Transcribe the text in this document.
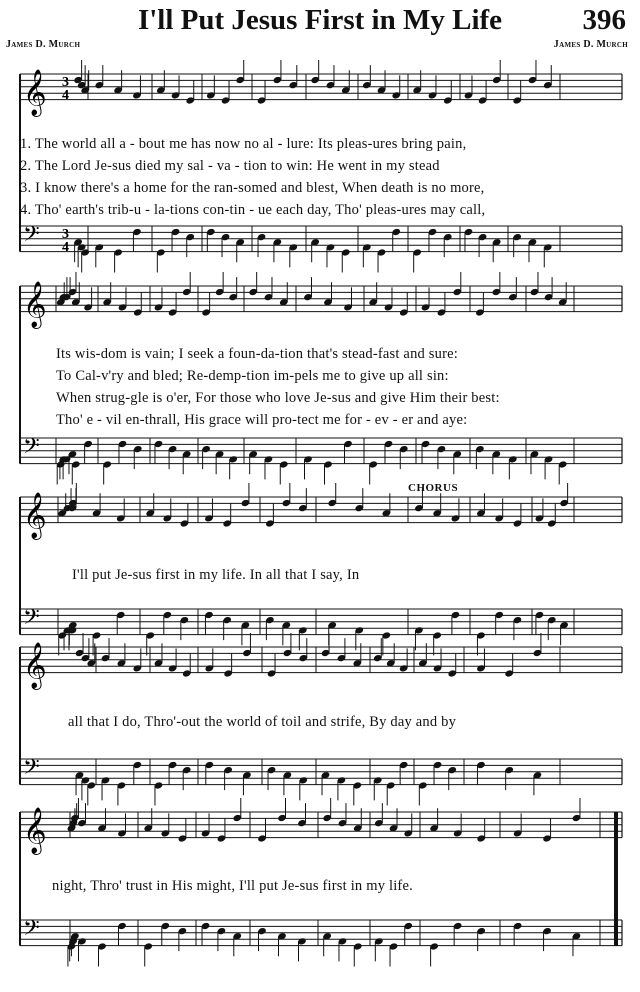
I'll Put Jesus First in My Life	396
James D. Murch	James D. Murch
𝄞
𝄢
𝄞
𝄢
𝄞
𝄢
𝄞
𝄢
𝄞
𝄢
3
4
3
4
1. The world all a - bout me has now no al - lure: Its pleas-ures bring pain,
2. The Lord Je-sus died my sal - va - tion to win: He went in my stead
3. I know there's a home for the ran-somed and blest, When death is no more,
4. Tho' earth's trib-u - la-tions con-tin - ue each day, Tho' pleas-ures may call,
Its wis-dom is vain; I seek a foun-da-tion that's stead-fast and sure:
To Cal-v'ry and bled; Re-demp-tion im-pels me to give up all sin:
When strug-gle is o'er, For those who love Je-sus and give Him their best:
Tho' e - vil en-thrall, His grace will pro-tect me for - ev - er and aye:
CHORUS
I'll put Je-sus first in my life. In all that I say, In
all that I do, Thro'-out the world of toil and strife, By day and by
night, Thro' trust in His might, I'll put Je-sus first in my life.
